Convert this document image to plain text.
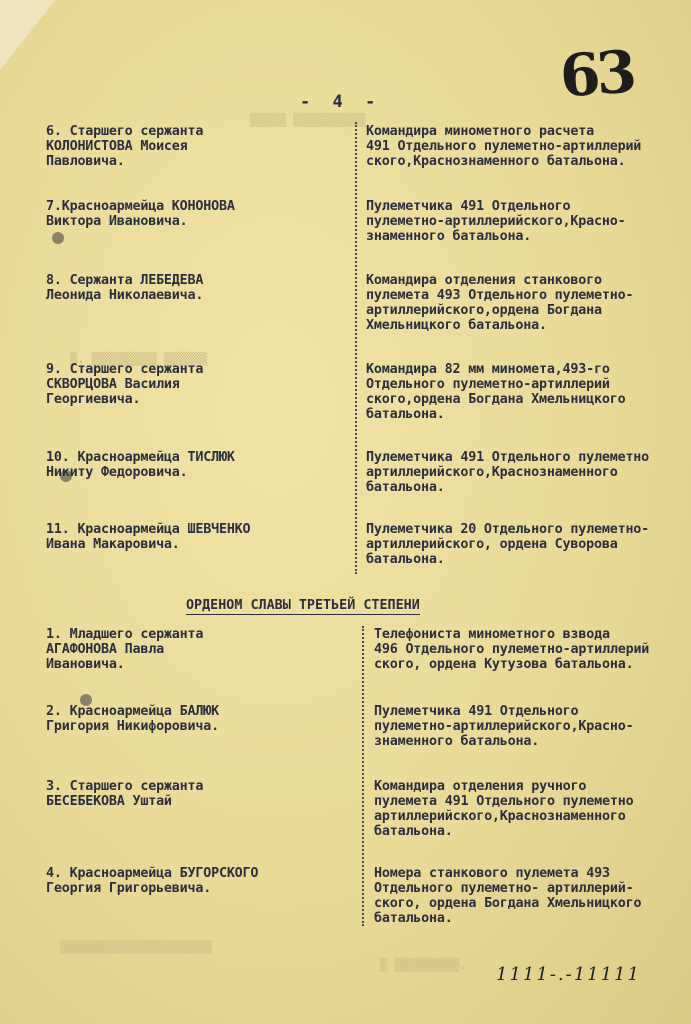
63
- 4 -
▒▒▒▒▒ ▒▒▒▒▒▒▒▒▒▒
▒. ▒▒▒▒▒▒▒▒▒ ▒▒▒▒▒▒
▒▒▒▒▒▒▒▒▒▒▒▒▒▒▒▒▒▒▒▒▒
▒ ▒▒▒▒▒▒▒▒▒.
6. Старшего сержанта
КОЛОНИСТОВА Моисея
Павловича.
Командира минометного расчета
491 Отдельного пулеметно-артиллерий
ского,Краснознаменного батальона.
7.Красноармейца КОНОНОВА
Виктора Ивановича.
Пулеметчика 491 Отдельного
пулеметно-артиллерийского,Красно-
знаменного батальона.
8. Сержанта ЛЕБЕДЕВА
Леонида Николаевича.
Командира отделения станкового
пулемета 493 Отдельного пулеметно-
артиллерийского,ордена Богдана
Хмельницкого батальона.
9. Старшего сержанта
СКВОРЦОВА Василия
Георгиевича.
Командира 82 мм миномета,493-го
Отдельного пулеметно-артиллерий
ского,ордена Богдана Хмельницкого
батальона.
10. Красноармейца ТИСЛЮК
Никиту Федоровича.
Пулеметчика 491 Отдельного пулеметно
артиллерийского,Краснознаменного
батальона.
11. Красноармейца ШЕВЧЕНКО
Ивана Макаровича.
Пулеметчика 20 Отдельного пулеметно-
артиллерийского, ордена Суворова
батальона.
ОРДЕНОМ СЛАВЫ ТРЕТЬЕЙ СТЕПЕНИ
1. Младшего сержанта
АГАФОНОВА Павла
Ивановича.
Телефониста минометного взвода
496 Отдельного пулеметно-артиллерий
ского, ордена Кутузова батальона.
2. Красноармейца БАЛЮК
Григория Никифоровича.
Пулеметчика 491 Отдельного
пулеметно-артиллерийского,Красно-
знаменного батальона.
3. Старшего сержанта
БЕСЕБЕКОВА Уштай
Командира отделения ручного
пулемета 491 Отдельного пулеметно
артиллерийского,Краснознаменного
батальона.
4. Красноармейца БУГОРСКОГО
Георгия Григорьевича.
Номера станкового пулемета 493
Отдельного пулеметно- артиллерий-
ского, ордена Богдана Хмельницкого
батальона.
1111-.-11111
